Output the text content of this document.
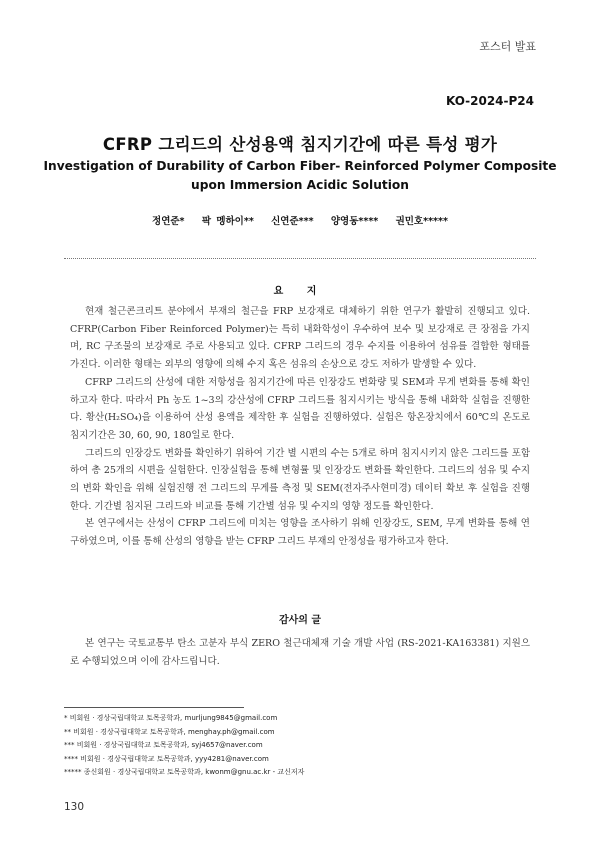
포스터 발표
KO-2024-P24
CFRP 그리드의 산성용액 침지기간에 따른 특성 평가
Investigation of Durability of Carbon Fiber- Reinforced Polymer Composite
upon Immersion Acidic Solution
정연준* 팍 멩하이** 신연준*** 양영동**** 권민호*****
요 지

현재 철근콘크리트 분야에서 부재의 철근을 FRP 보강재로 대체하기 위한 연구가 활발히 진행되고 있다. CFRP(Carbon Fiber Reinforced Polymer)는 특히 내화학성이 우수하여 보수 및 보강재로 큰 장점을 가지며, RC 구조물의 보강재로 주로 사용되고 있다. CFRP 그리드의 경우 수지를 이용하여 섬유를 결합한 형태를 가진다. 이러한 형태는 외부의 영향에 의해 수지 혹은 섬유의 손상으로 강도 저하가 발생할 수 있다.

CFRP 그리드의 산성에 대한 저항성을 침지기간에 따른 인장강도 변화량 및 SEM과 무게 변화를 통해 확인하고자 한다. 따라서 Ph 농도 1~3의 강산성에 CFRP 그리드를 침지시키는 방식을 통해 내화학 실험을 진행한다. 황산(H₂SO₄)을 이용하여 산성 용액을 제작한 후 실험을 진행하였다. 실험은 항온장치에서 60℃의 온도로 침지기간은 30, 60, 90, 180일로 한다.

그리드의 인장강도 변화를 확인하기 위하여 기간 별 시편의 수는 5개로 하며 침지시키지 않은 그리드를 포함하여 총 25개의 시편을 실험한다. 인장실험을 통해 변형률 및 인장강도 변화를 확인한다. 그리드의 섬유 및 수지의 변화 확인을 위해 실험진행 전 그리드의 무게를 측정 및 SEM(전자주사현미경) 데이터 확보 후 실험을 진행한다. 기간별 침지된 그리드와 비교를 통해 기간별 섬유 및 수지의 영향 정도를 확인한다.

본 연구에서는 산성이 CFRP 그리드에 미치는 영향을 조사하기 위해 인장강도, SEM, 무게 변화를 통해 연구하였으며, 이를 통해 산성의 영향을 받는 CFRP 그리드 부재의 안정성을 평가하고자 한다.

감사의 글

본 연구는 국토교통부 탄소 고분자 부식 ZERO 철근대체재 기술 개발 사업 (RS-2021-KA163381) 지원으로 수행되었으며 이에 감사드립니다.

* 비회원 · 경상국립대학교 토목공학과, murljung9845@gmail.com
** 비회원 · 경상국립대학교 토목공학과, menghay.ph@gmail.com
*** 비회원 · 경상국립대학교 토목공학과, syj4657@naver.com
**** 비회원 · 경상국립대학교 토목공학과, yyy4281@naver.com
***** 종신회원 · 경상국립대학교 토목공학과, kwonm@gnu.ac.kr - 교신저자
130
